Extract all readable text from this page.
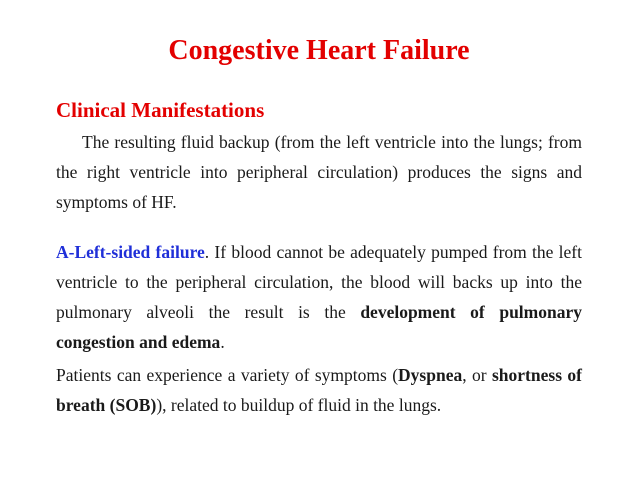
Congestive Heart Failure
Clinical Manifestations

The resulting fluid backup (from the left ventricle into the lungs; from the right ventricle into peripheral circulation) produces the signs and symptoms of HF.

A-Left-sided failure. If blood cannot be adequately pumped from the left ventricle to the peripheral circulation, the blood will backs up into the pulmonary alveoli the result is the development of pulmonary congestion and edema.

Patients can experience a variety of symptoms (Dyspnea, or shortness of breath (SOB)), related to buildup of fluid in the lungs.
